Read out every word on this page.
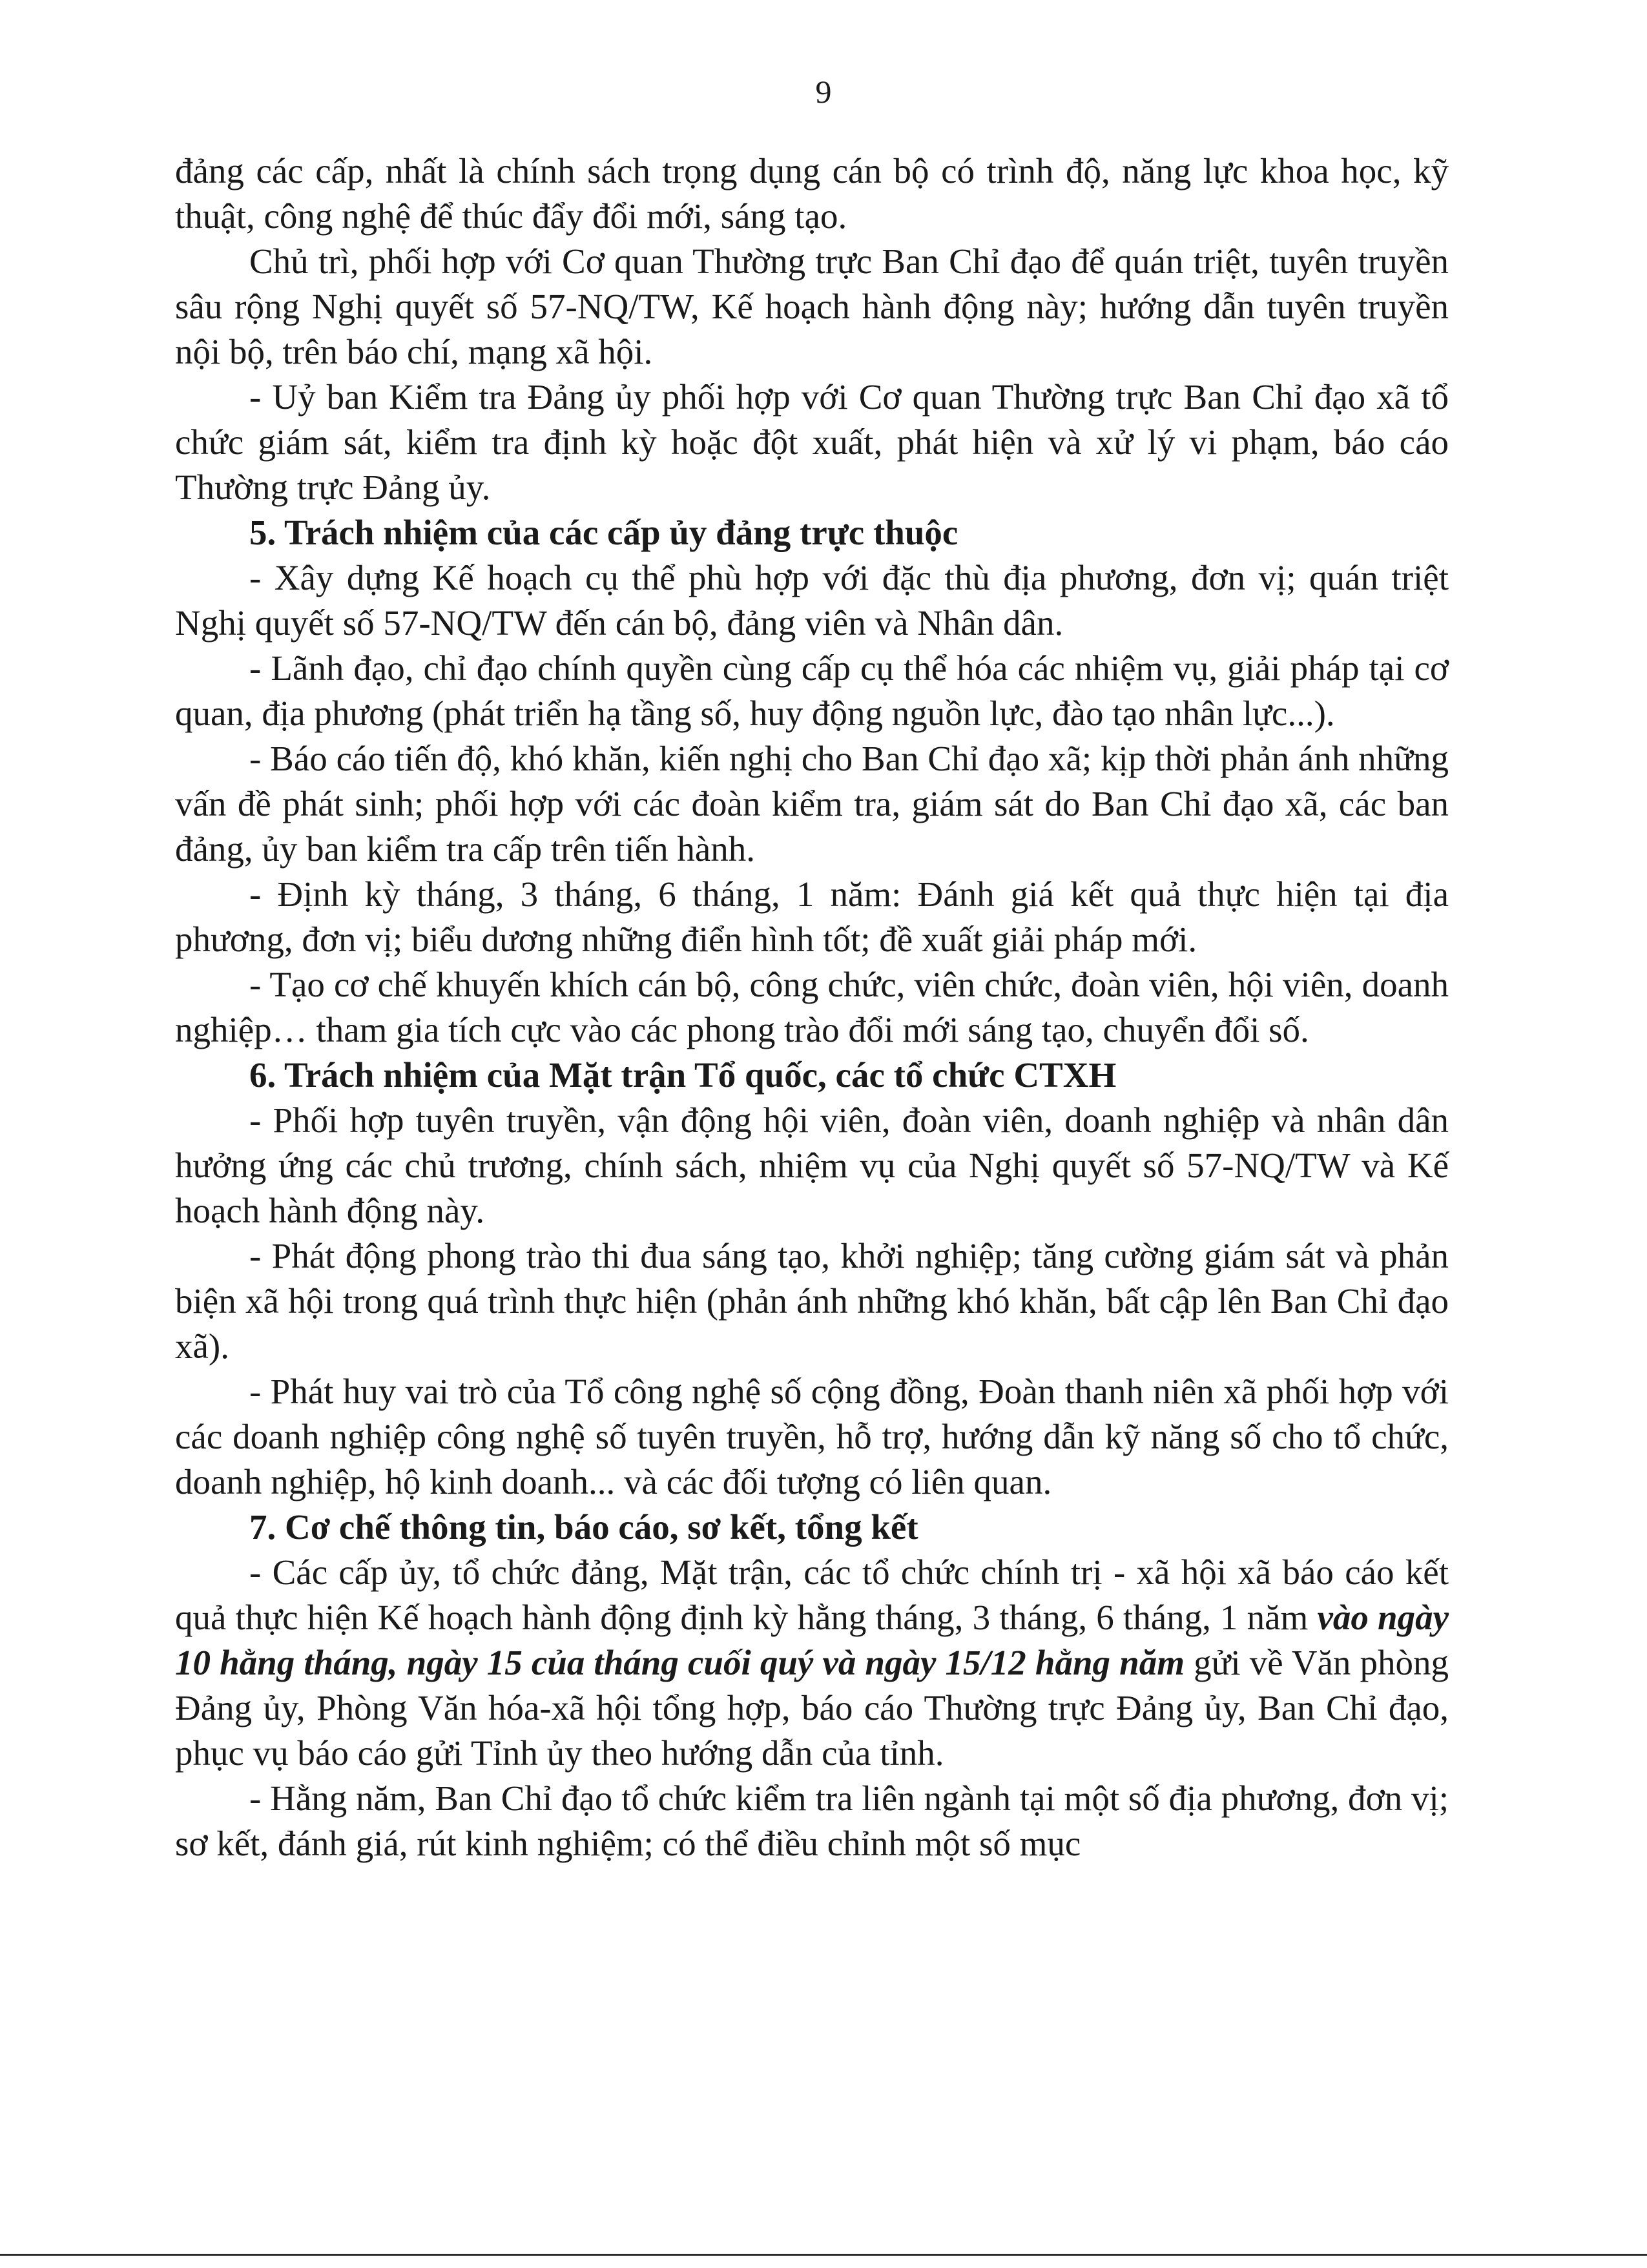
9

đảng các cấp, nhất là chính sách trọng dụng cán bộ có trình độ, năng lực khoa học, kỹ thuật, công nghệ để thúc đẩy đổi mới, sáng tạo.

Chủ trì, phối hợp với Cơ quan Thường trực Ban Chỉ đạo để quán triệt, tuyên truyền sâu rộng Nghị quyết số 57-NQ/TW, Kế hoạch hành động này; hướng dẫn tuyên truyền nội bộ, trên báo chí, mạng xã hội.

- Uỷ ban Kiểm tra Đảng ủy phối hợp với Cơ quan Thường trực Ban Chỉ đạo xã tổ chức giám sát, kiểm tra định kỳ hoặc đột xuất, phát hiện và xử lý vi phạm, báo cáo Thường trực Đảng ủy.

5. Trách nhiệm của các cấp ủy đảng trực thuộc

- Xây dựng Kế hoạch cụ thể phù hợp với đặc thù địa phương, đơn vị; quán triệt Nghị quyết số 57-NQ/TW đến cán bộ, đảng viên và Nhân dân.

- Lãnh đạo, chỉ đạo chính quyền cùng cấp cụ thể hóa các nhiệm vụ, giải pháp tại cơ quan, địa phương (phát triển hạ tầng số, huy động nguồn lực, đào tạo nhân lực...).

- Báo cáo tiến độ, khó khăn, kiến nghị cho Ban Chỉ đạo xã; kịp thời phản ánh những vấn đề phát sinh; phối hợp với các đoàn kiểm tra, giám sát do Ban Chỉ đạo xã, các ban đảng, ủy ban kiểm tra cấp trên tiến hành.

- Định kỳ tháng, 3 tháng, 6 tháng, 1 năm: Đánh giá kết quả thực hiện tại địa phương, đơn vị; biểu dương những điển hình tốt; đề xuất giải pháp mới.

- Tạo cơ chế khuyến khích cán bộ, công chức, viên chức, đoàn viên, hội viên, doanh nghiệp… tham gia tích cực vào các phong trào đổi mới sáng tạo, chuyển đổi số.

6. Trách nhiệm của Mặt trận Tổ quốc, các tổ chức CTXH

- Phối hợp tuyên truyền, vận động hội viên, đoàn viên, doanh nghiệp và nhân dân hưởng ứng các chủ trương, chính sách, nhiệm vụ của Nghị quyết số 57-NQ/TW và Kế hoạch hành động này.

- Phát động phong trào thi đua sáng tạo, khởi nghiệp; tăng cường giám sát và phản biện xã hội trong quá trình thực hiện (phản ánh những khó khăn, bất cập lên Ban Chỉ đạo xã).

- Phát huy vai trò của Tổ công nghệ số cộng đồng, Đoàn thanh niên xã phối hợp với các doanh nghiệp công nghệ số tuyên truyền, hỗ trợ, hướng dẫn kỹ năng số cho tổ chức, doanh nghiệp, hộ kinh doanh... và các đối tượng có liên quan.

7. Cơ chế thông tin, báo cáo, sơ kết, tổng kết

- Các cấp ủy, tổ chức đảng, Mặt trận, các tổ chức chính trị - xã hội xã báo cáo kết quả thực hiện Kế hoạch hành động định kỳ hằng tháng, 3 tháng, 6 tháng, 1 năm vào ngày 10 hằng tháng, ngày 15 của tháng cuối quý và ngày 15/12 hằng năm gửi về Văn phòng Đảng ủy, Phòng Văn hóa-xã hội tổng hợp, báo cáo Thường trực Đảng ủy, Ban Chỉ đạo, phục vụ báo cáo gửi Tỉnh ủy theo hướng dẫn của tỉnh.

- Hằng năm, Ban Chỉ đạo tổ chức kiểm tra liên ngành tại một số địa phương, đơn vị; sơ kết, đánh giá, rút kinh nghiệm; có thể điều chỉnh một số mục
